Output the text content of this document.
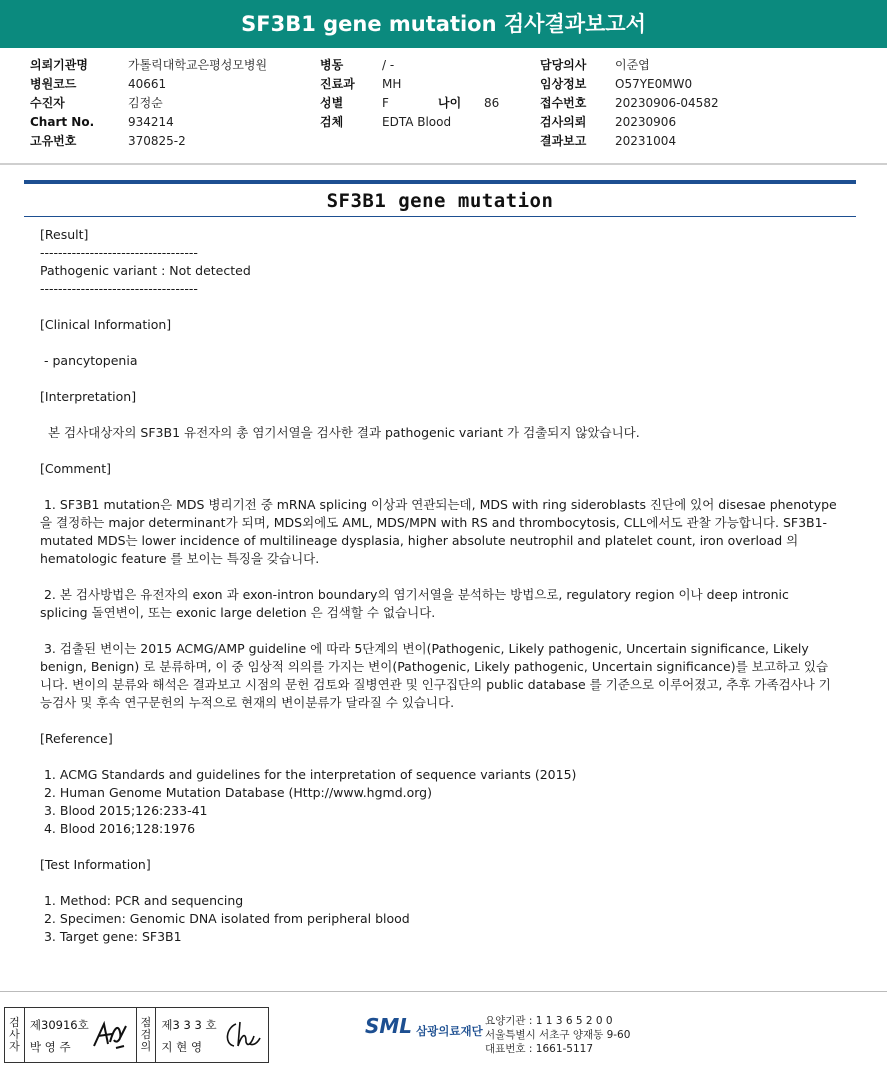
SF3B1 gene mutation 검사결과보고서
의뢰기관명	가톨릭대학교은평성모병원
병원코드	40661
수진자	김정순
Chart No.	934214
고유번호	370825-2
병동	/ -
진료과	MH
성별	F	나이	86
검체	EDTA Blood
담당의사	이준엽
임상정보	O57YE0MW0
접수번호	20230906-04582
검사의뢰	20230906
결과보고	20231004
SF3B1 gene mutation

[Result]

-----------------------------------

Pathogenic variant : Not detected

-----------------------------------

[Clinical Information]

- pancytopenia

[Interpretation]

본 검사대상자의 SF3B1 유전자의 총 염기서열을 검사한 결과 pathogenic variant 가 검출되지 않았습니다.

[Comment]

1. SF3B1 mutation은 MDS 병리기전 중 mRNA splicing 이상과 연관되는데, MDS with ring sideroblasts 진단에 있어 disesae phenotype 을 결정하는 major determinant가 되며, MDS외에도 AML, MDS/MPN with RS and thrombocytosis, CLL에서도 관찰 가능합니다. SF3B1-mutated MDS는 lower incidence of multilineage dysplasia, higher absolute neutrophil and platelet count, iron overload 의 hematologic feature 를 보이는 특징을 갖습니다.

2. 본 검사방법은 유전자의 exon 과 exon-intron boundary의 염기서열을 분석하는 방법으로, regulatory region 이나 deep intronic splicing 돌연변이, 또는 exonic large deletion 은 검색할 수 없습니다.

3. 검출된 변이는 2015 ACMG/AMP guideline 에 따라 5단계의 변이(Pathogenic, Likely pathogenic, Uncertain significance, Likely benign, Benign) 로 분류하며, 이 중 임상적 의의를 가지는 변이(Pathogenic, Likely pathogenic, Uncertain significance)를 보고하고 있습니다. 변이의 분류와 해석은 결과보고 시점의 문헌 검토와 질병연관 및 인구집단의 public database 를 기준으로 이루어졌고, 추후 가족검사나 기능검사 및 후속 연구문헌의 누적으로 현재의 변이분류가 달라질 수 있습니다.

[Reference]

1. ACMG Standards and guidelines for the interpretation of sequence variants (2015)

2. Human Genome Mutation Database (Http://www.hgmd.org)

3. Blood 2015;126:233-41

4. Blood 2016;128:1976

[Test Information]

1. Method: PCR and sequencing

2. Specimen: Genomic DNA isolated from peripheral blood

3. Target gene: SF3B1

검
사
자
제30916호
박 영 주
점
검
의
제3 3 3 호
지 현 영
SML 삼광의료재단
요양기관 : 1 1 3 6 5 2 0 0
서울특별시 서초구 양재동 9-60
대표번호 : 1661-5117
